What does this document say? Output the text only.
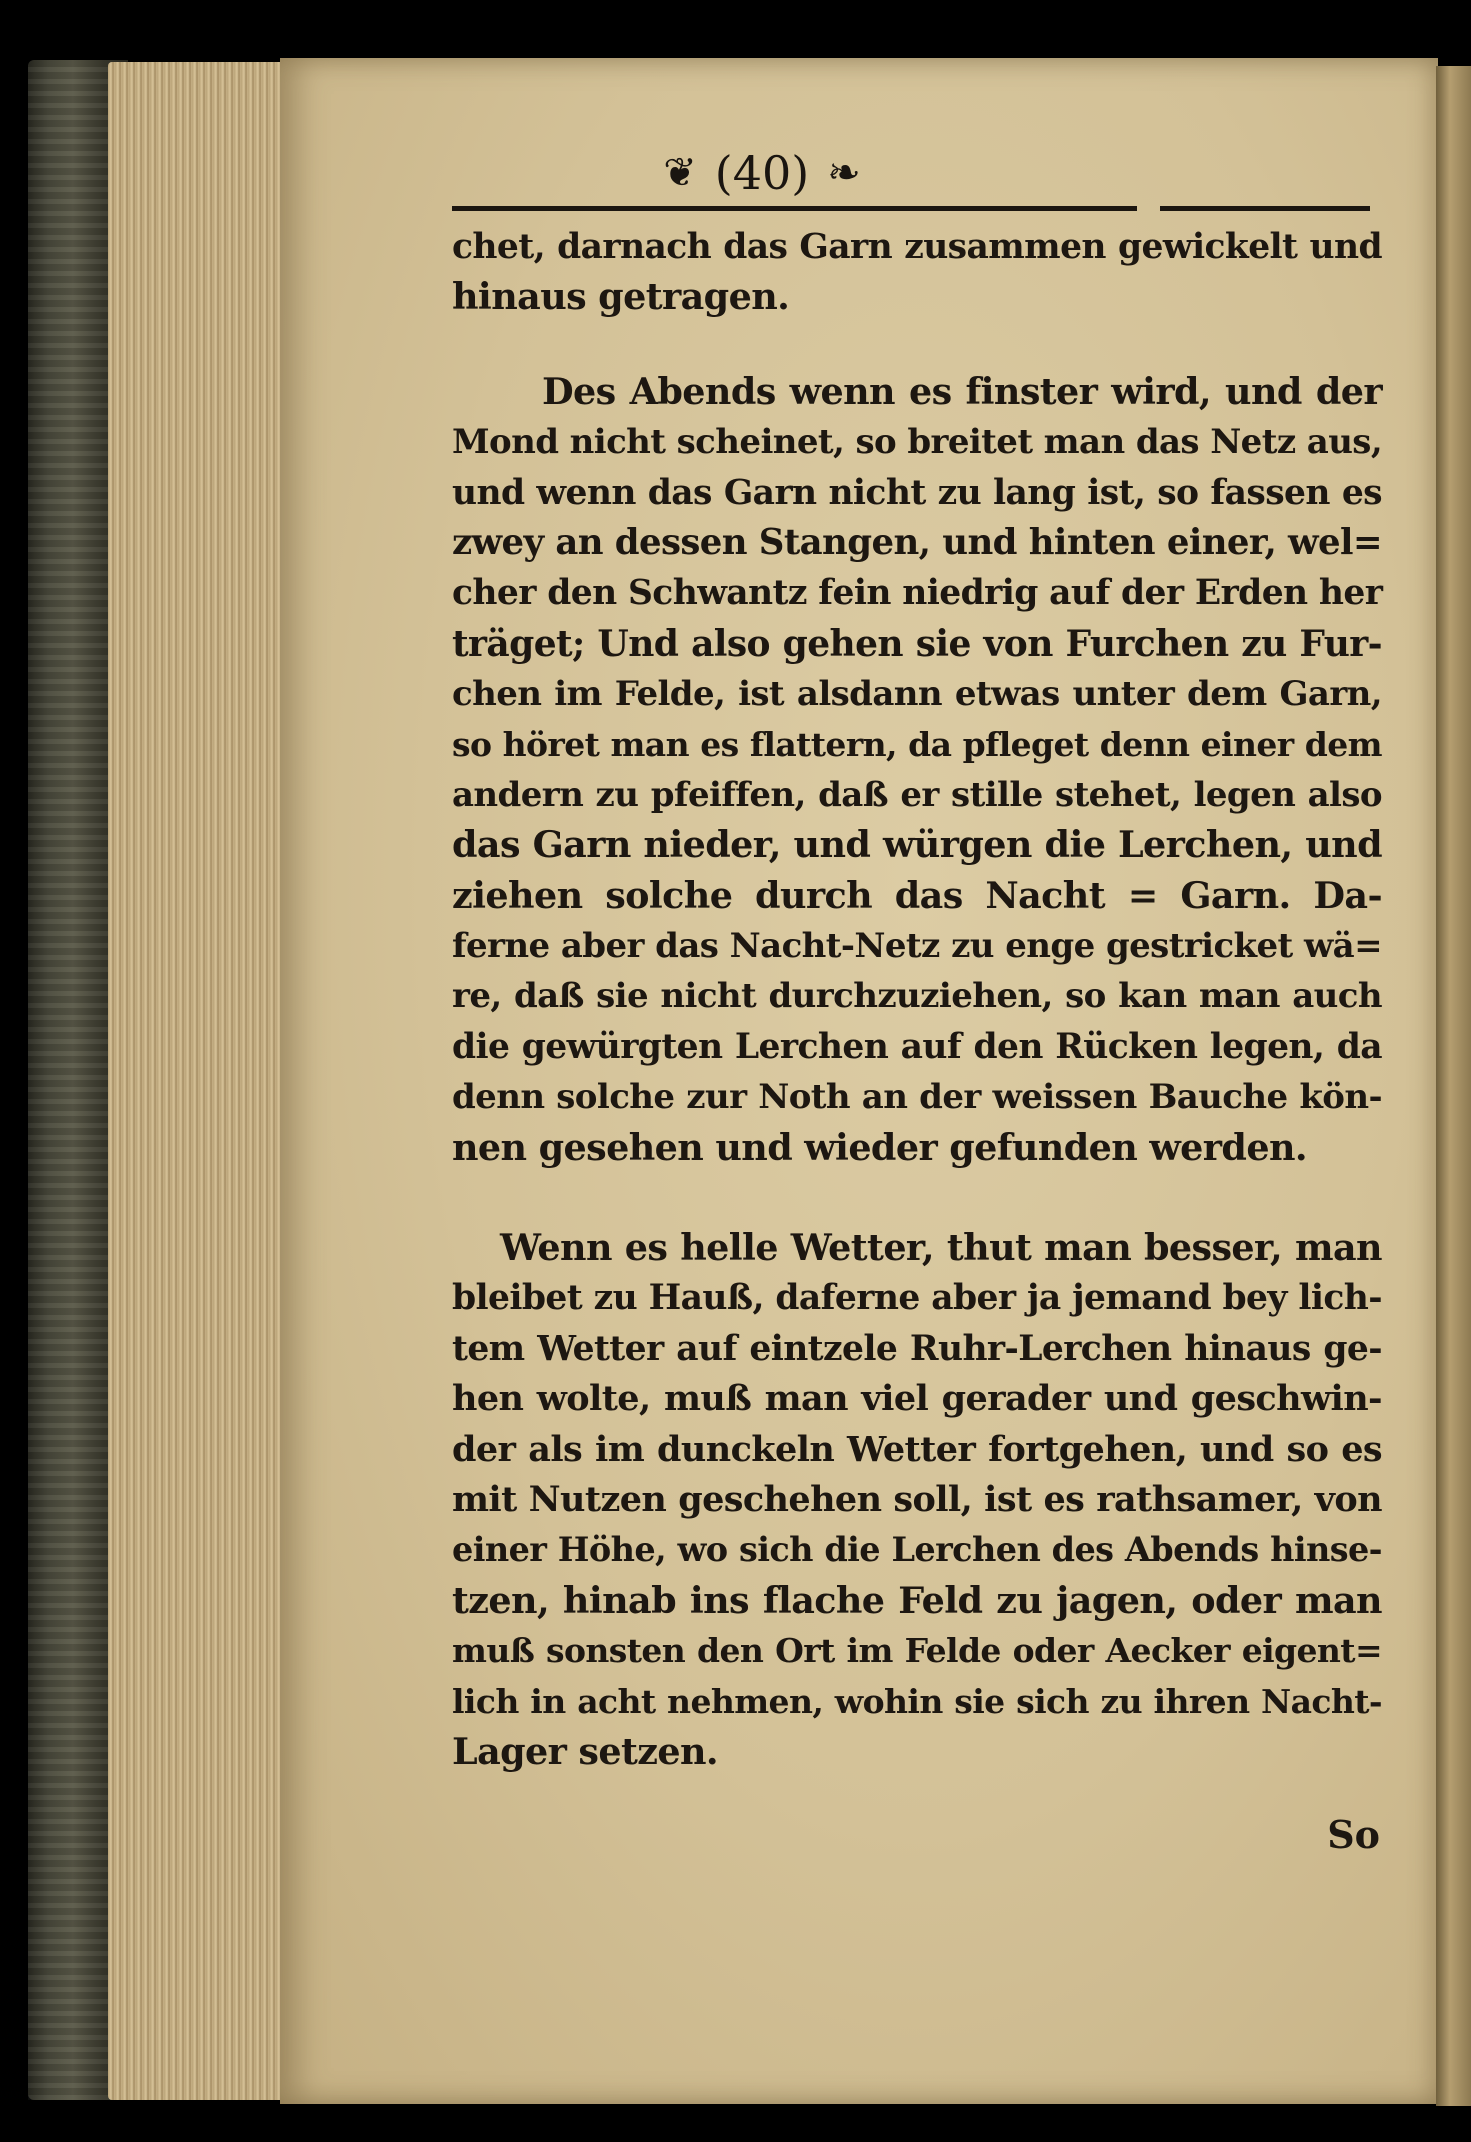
❦ (40) ❧
chet, darnach das Garn zusammen gewickelt und
hinaus getragen.
Des Abends wenn es finster wird, und der
Mond nicht scheinet, so breitet man das Netz aus,
und wenn das Garn nicht zu lang ist, so fassen es
zwey an dessen Stangen, und hinten einer, wel=
cher den Schwantz fein niedrig auf der Erden her
träget; Und also gehen sie von Furchen zu Fur-
chen im Felde, ist alsdann etwas unter dem Garn,
so höret man es flattern, da pfleget denn einer dem
andern zu pfeiffen, daß er stille stehet, legen also
das Garn nieder, und würgen die Lerchen, und
ziehen solche durch das Nacht = Garn. Da-
ferne aber das Nacht-Netz zu enge gestricket wä=
re, daß sie nicht durchzuziehen, so kan man auch
die gewürgten Lerchen auf den Rücken legen, da
denn solche zur Noth an der weissen Bauche kön-
nen gesehen und wieder gefunden werden.
Wenn es helle Wetter, thut man besser, man
bleibet zu Hauß, daferne aber ja jemand bey lich-
tem Wetter auf eintzele Ruhr-Lerchen hinaus ge-
hen wolte, muß man viel gerader und geschwin-
der als im dunckeln Wetter fortgehen, und so es
mit Nutzen geschehen soll, ist es rathsamer, von
einer Höhe, wo sich die Lerchen des Abends hinse-
tzen, hinab ins flache Feld zu jagen, oder man
muß sonsten den Ort im Felde oder Aecker eigent=
lich in acht nehmen, wohin sie sich zu ihren Nacht-
Lager setzen.
So
